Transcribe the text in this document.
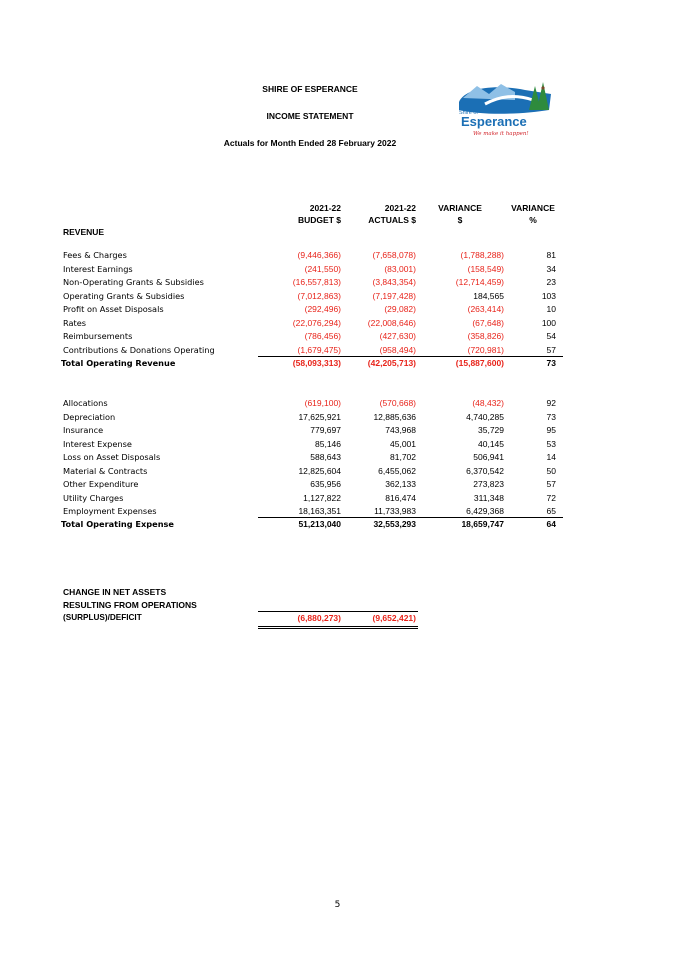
SHIRE OF ESPERANCE
INCOME STATEMENT
Actuals for Month Ended 28 February 2022
Shire of
Esperance
We make it happen!
2021-22
BUDGET $
2021-22
ACTUALS $
VARIANCE
$
VARIANCE
%
REVENUE
Fees & Charges	(9,446,366)	(7,658,078)	(1,788,288)	81
Interest Earnings	(241,550)	(83,001)	(158,549)	34
Non-Operating Grants & Subsidies	(16,557,813)	(3,843,354)	(12,714,459)	23
Operating Grants & Subsidies	(7,012,863)	(7,197,428)	184,565	103
Profit on Asset Disposals	(292,496)	(29,082)	(263,414)	10
Rates	(22,076,294)	(22,008,646)	(67,648)	100
Reimbursements	(786,456)	(427,630)	(358,826)	54
Contributions & Donations Operating	(1,679,475)	(958,494)	(720,981)	57
Total Operating Revenue	(58,093,313)	(42,205,713)	(15,887,600)	73
Allocations	(619,100)	(570,668)	(48,432)	92
Depreciation	17,625,921	12,885,636	4,740,285	73
Insurance	779,697	743,968	35,729	95
Interest Expense	85,146	45,001	40,145	53
Loss on Asset Disposals	588,643	81,702	506,941	14
Material & Contracts	12,825,604	6,455,062	6,370,542	50
Other Expenditure	635,956	362,133	273,823	57
Utility Charges	1,127,822	816,474	311,348	72
Employment Expenses	18,163,351	11,733,983	6,429,368	65
Total Operating Expense	51,213,040	32,553,293	18,659,747	64
CHANGE IN NET ASSETS
RESULTING FROM OPERATIONS
(SURPLUS)/DEFICIT	(6,880,273)	(9,652,421)
5
